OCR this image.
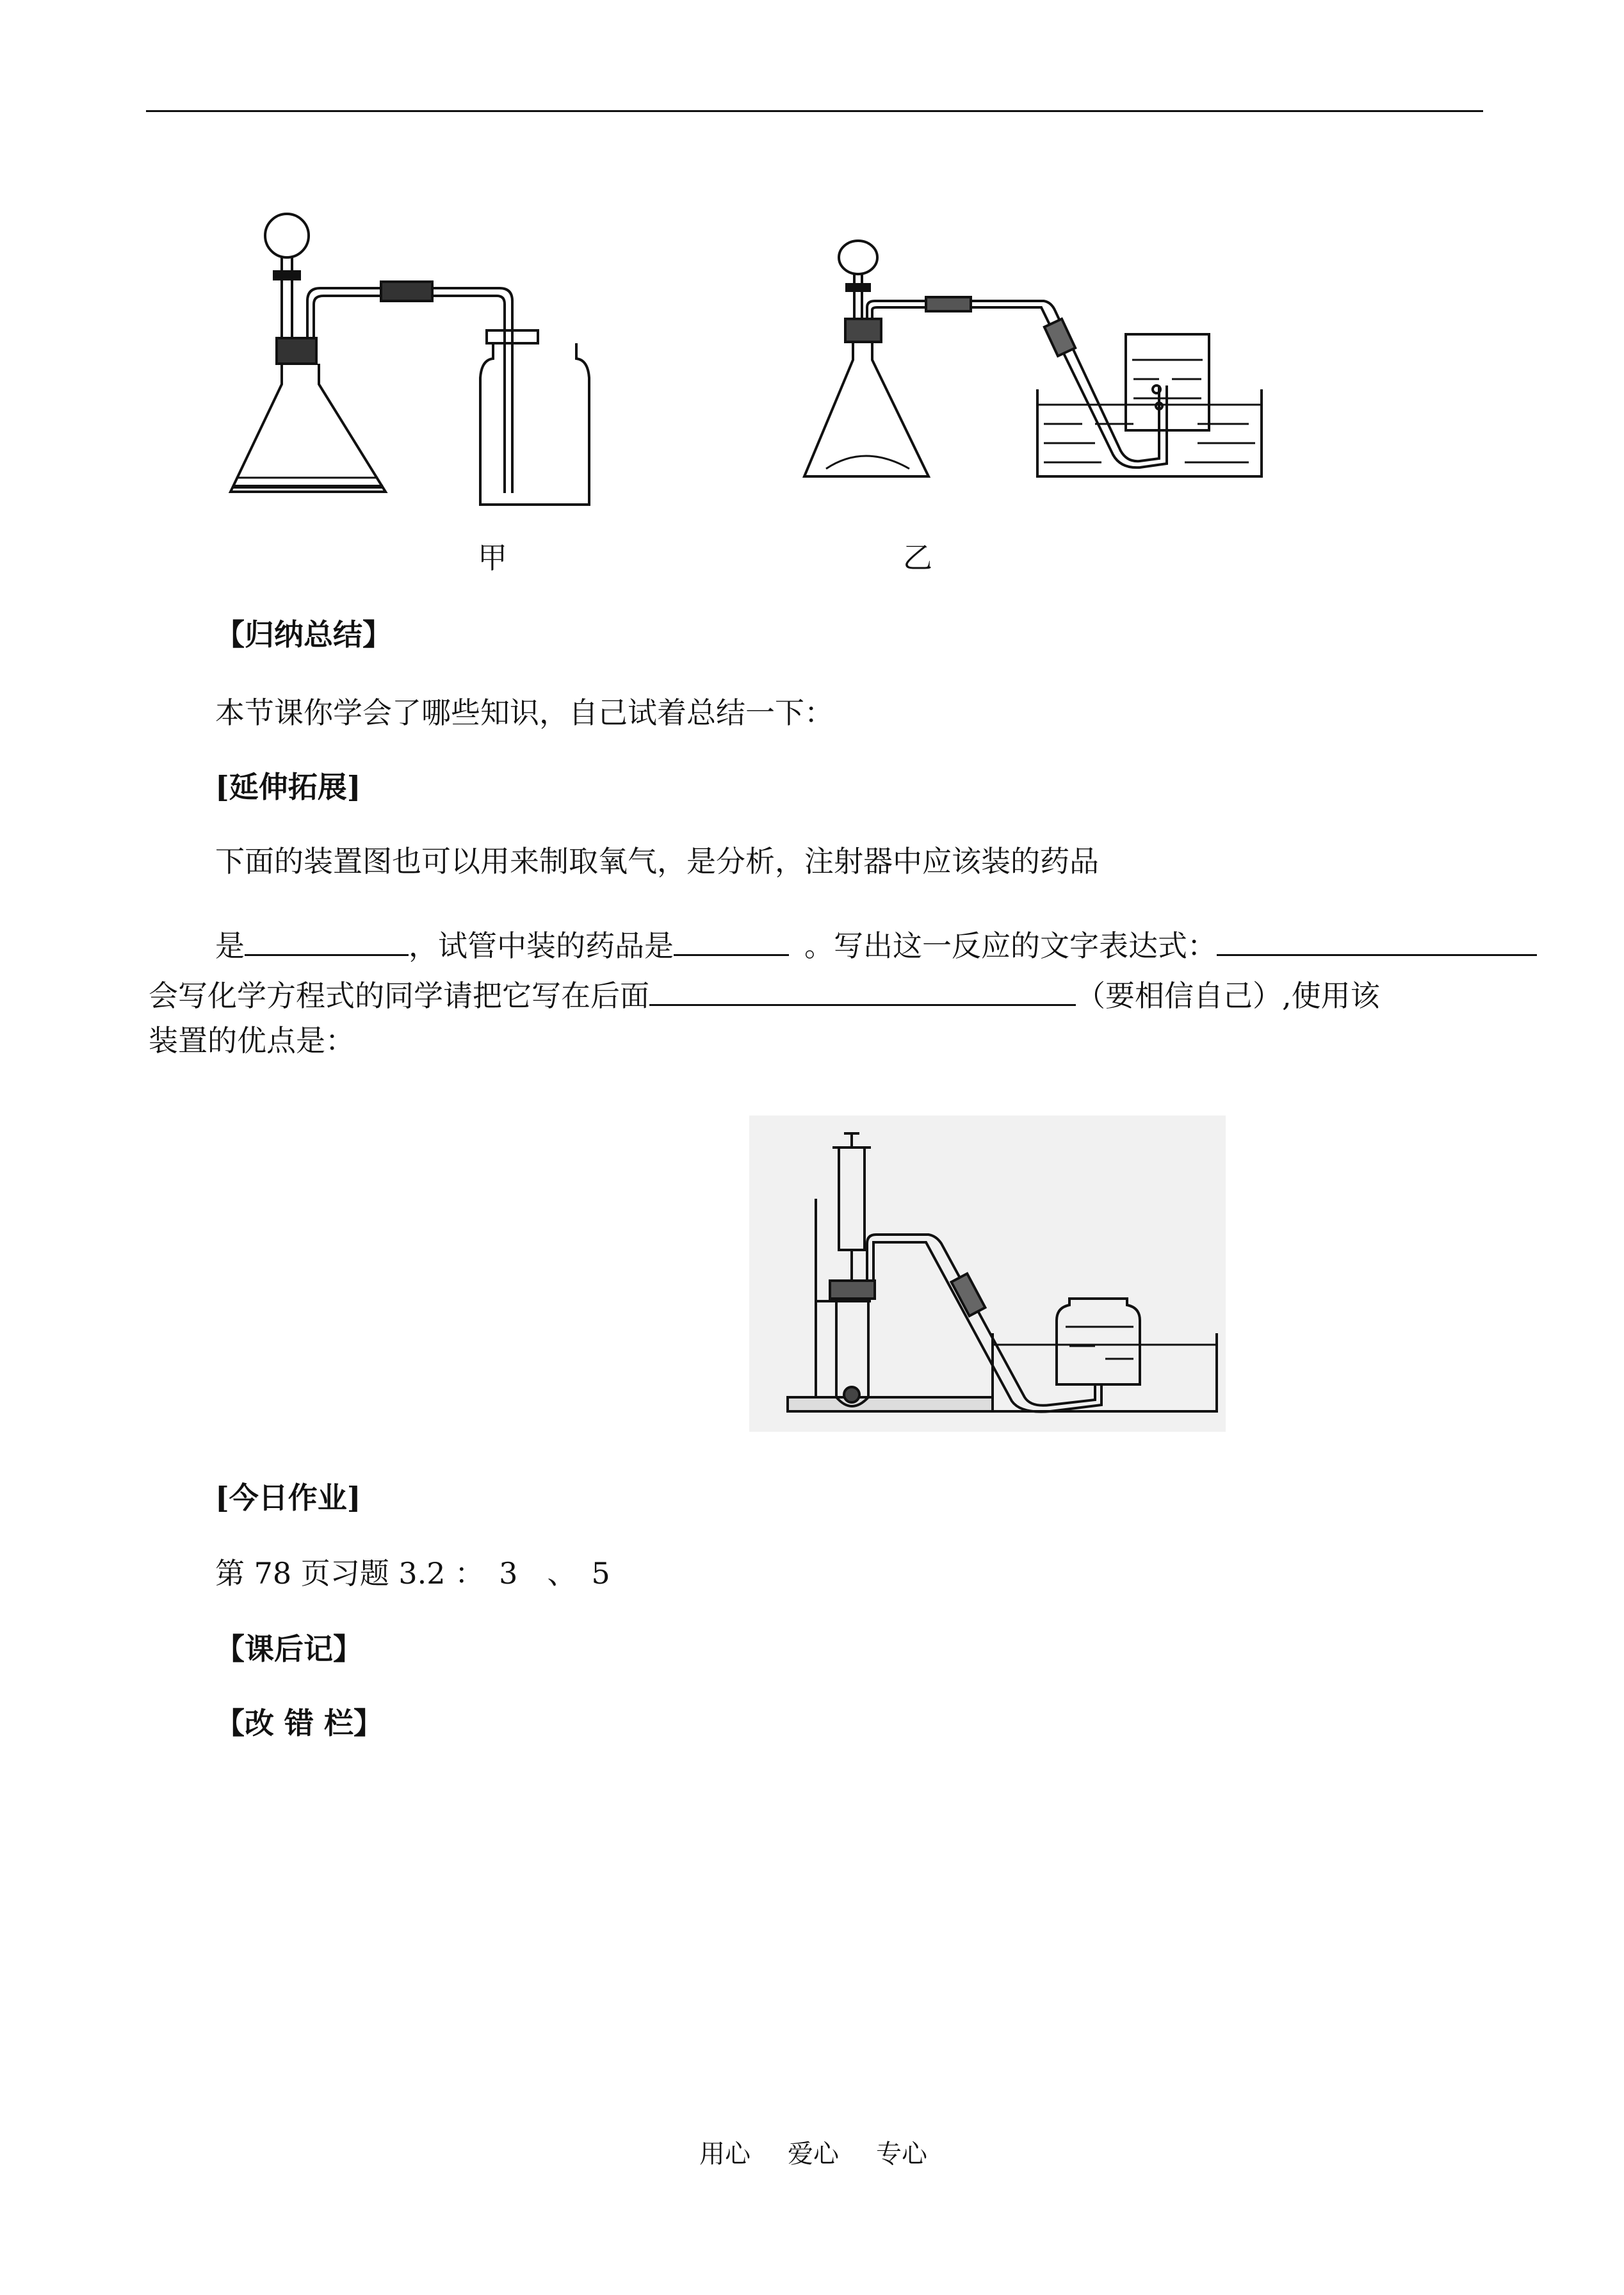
甲	乙
【归纳总结】
本节课你学会了哪些知识，自己试着总结一下：
[延伸拓展]
下面的装置图也可以用来制取氧气，是分析，注射器中应该装的药品
是	，试管中装的药品是	。写出这一反应的文字表达式：
会写化学方程式的同学请把它写在后面	（要相信自己）,使用该
装置的优点是：
[今日作业]
第 78 页习题 3.2 ：　3　、　5
【课后记】
【改 错 栏】
用心 爱心 专心
